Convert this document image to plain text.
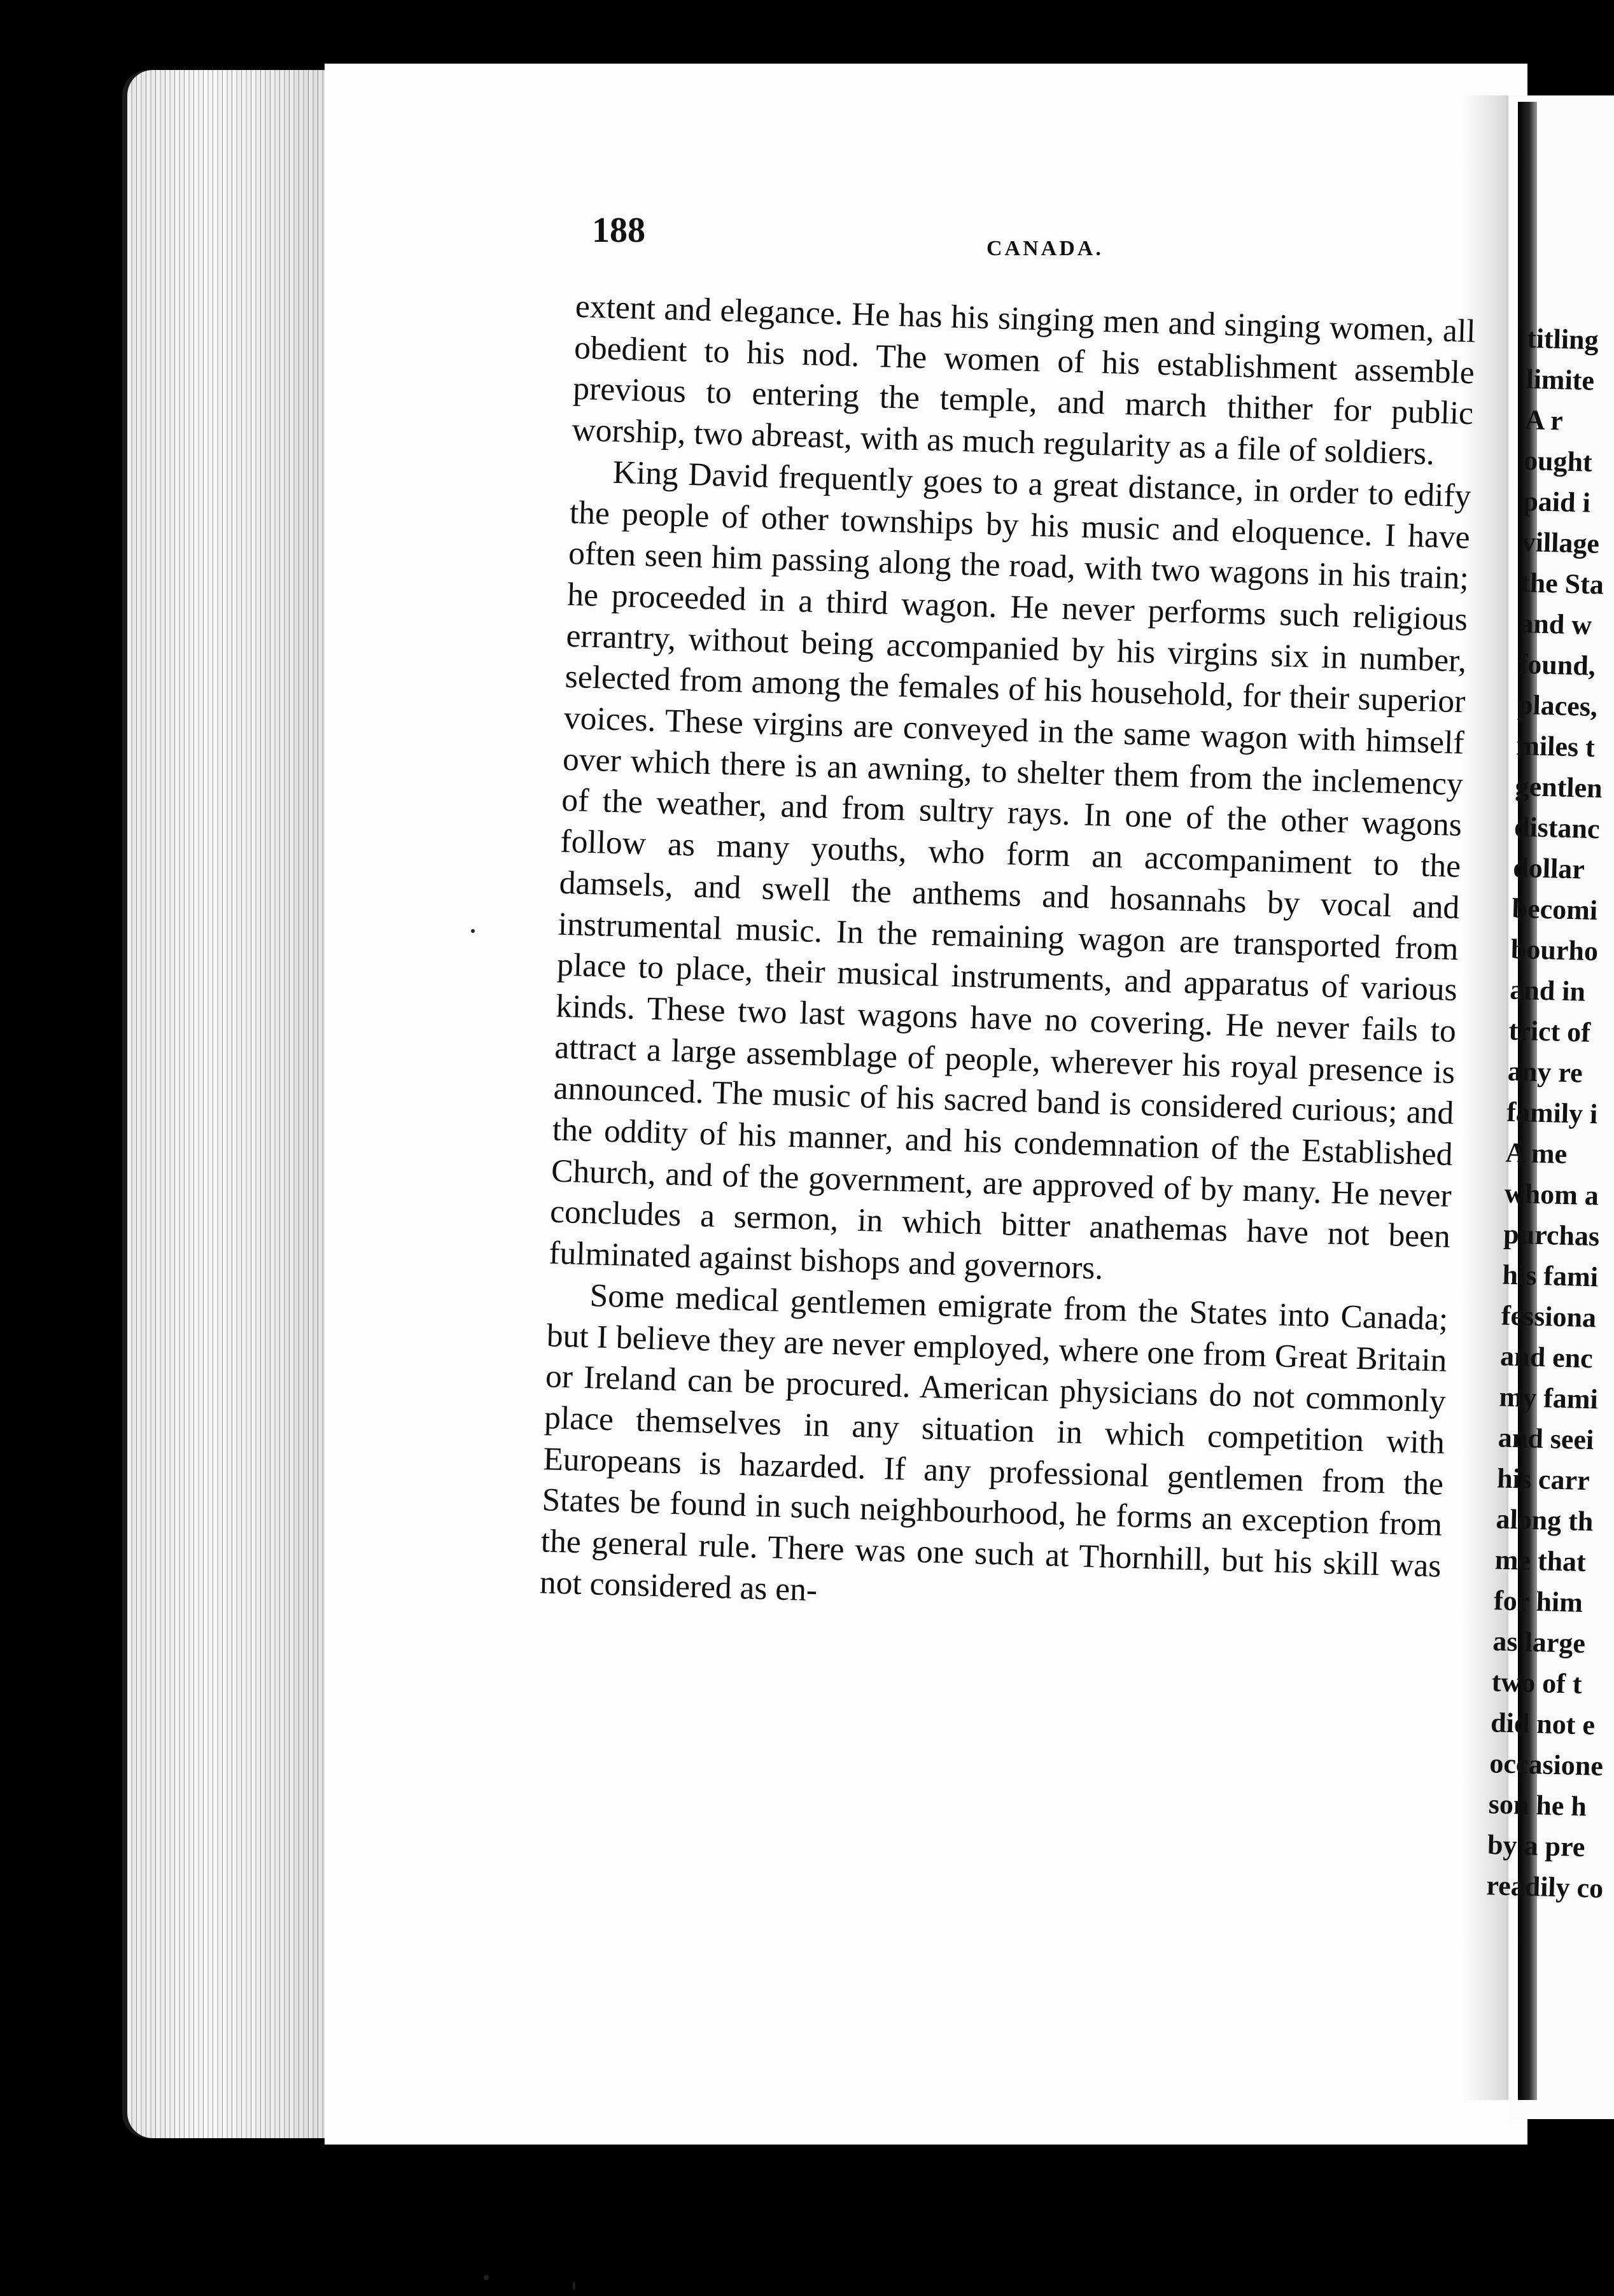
188	CANADA.

extent and elegance. He has his singing men and singing women, all obedient to his nod. The women of his establishment assemble previous to entering the temple, and march thither for public worship, two abreast, with as much regularity as a file of soldiers.

King David frequently goes to a great distance, in order to edify the people of other townships by his music and eloquence. I have often seen him passing along the road, with two wagons in his train; he proceeded in a third wagon. He never performs such religious errantry, without being accompanied by his virgins six in number, selected from among the females of his household, for their superior voices. These virgins are conveyed in the same wagon with himself over which there is an awning, to shelter them from the inclemency of the weather, and from sultry rays. In one of the other wagons follow as many youths, who form an accompaniment to the damsels, and swell the anthems and hosannahs by vocal and instrumental music. In the remaining wagon are transported from place to place, their musical instruments, and apparatus of various kinds. These two last wagons have no covering. He never fails to attract a large assemblage of people, wherever his royal presence is announced. The music of his sacred band is considered curious; and the oddity of his manner, and his condemnation of the Established Church, and of the government, are approved of by many. He never concludes a sermon, in which bitter anathemas have not been fulminated against bishops and governors.

Some medical gentlemen emigrate from the States into Canada; but I believe they are never employed, where one from Great Britain or Ireland can be procured. American physicians do not commonly place themselves in any situation in which competition with Europeans is hazarded. If any professional gentlemen from the States be found in such neighbourhood, he forms an exception from the general rule. There was one such at Thornhill, but his skill was not considered as en-

titling
limite
A r
ought
paid i
village
the Sta
and w
found,
places,
miles t
gentlen
distanc
dollar
becomi
bourho
and in
trict of
any re
family i
A me
whom a
purchas
his fami
fessiona
and enc
my fami
and seei
his carr
along th
me that
for him
as large
two of t
did not e
occasione
son he h
by a pre
readily co
